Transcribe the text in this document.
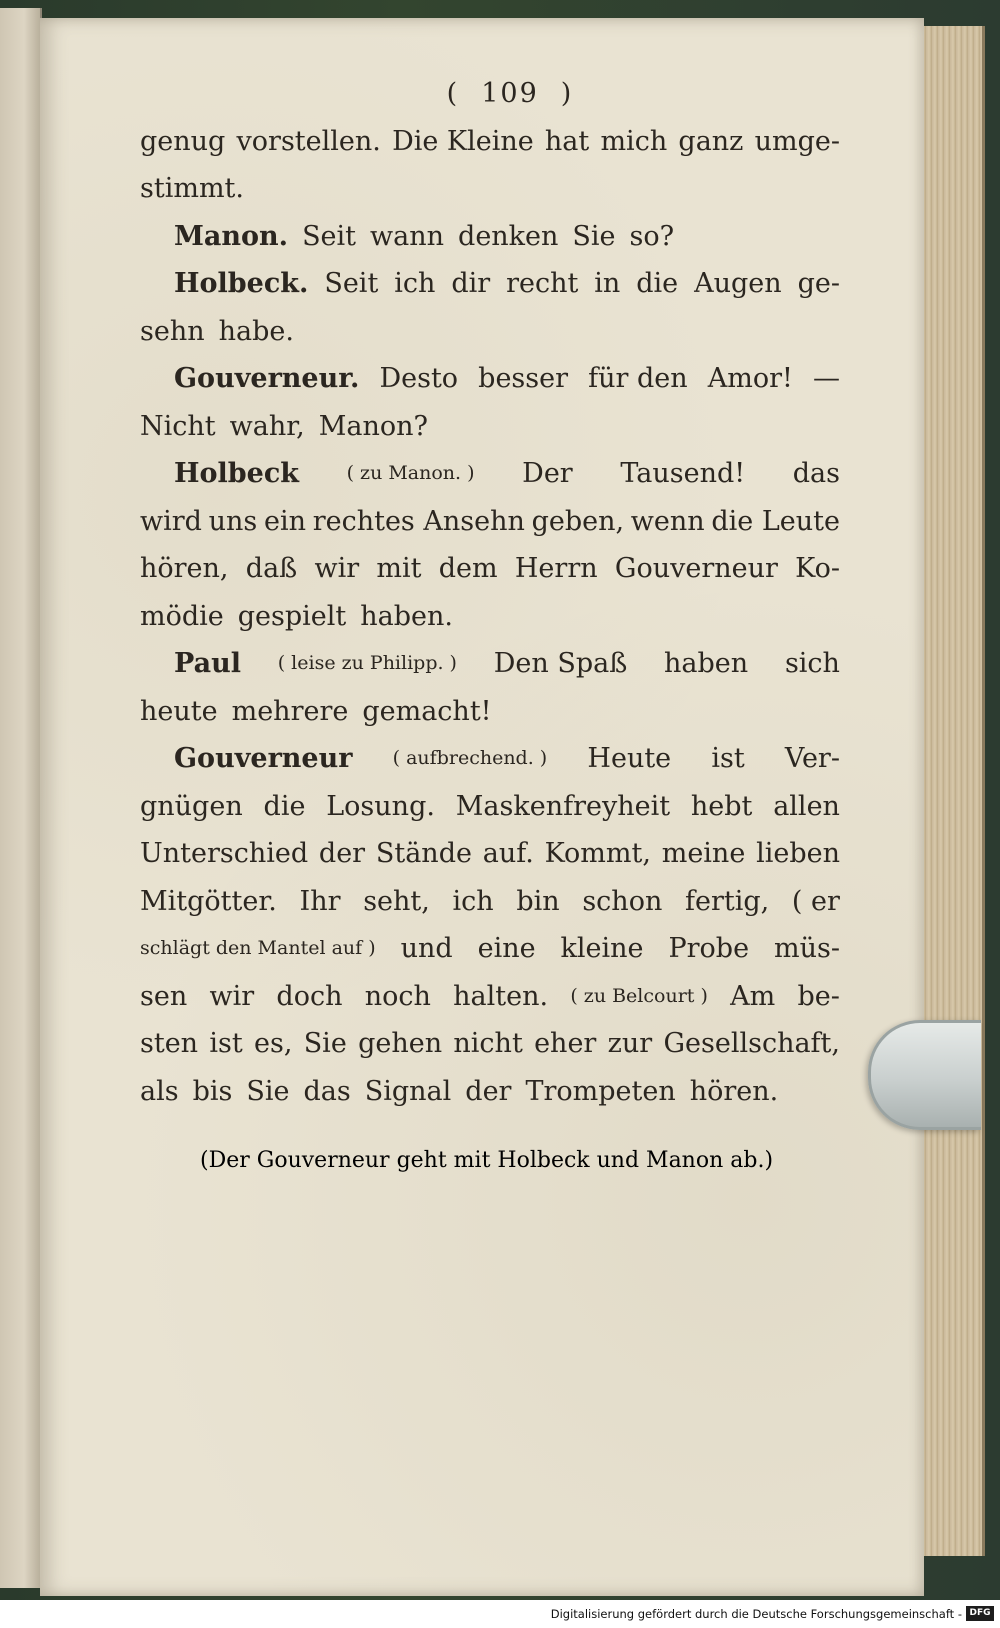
( 109 )
genug vorstellen. Die Kleine hat mich ganz umge-
stimmt.
Manon. Seit wann denken Sie so?
Holbeck. Seit ich dir recht in die Augen ge-
sehn habe.
Gouverneur. Desto besser für den Amor! —
Nicht wahr, Manon?
Holbeck	( zu Manon. ) Der Tausend! das
wird uns ein rechtes Ansehn geben, wenn die Leute
hören, daß wir mit dem Herrn Gouverneur Ko-
mödie gespielt haben.
Paul ( leise zu Philipp. ) Den Spaß haben sich
heute mehrere gemacht!
Gouverneur ( aufbrechend. ) Heute ist Ver-
gnügen die Losung. Maskenfreyheit hebt allen
Unterschied der Stände auf. Kommt, meine lieben
Mitgötter. Ihr seht, ich bin schon fertig, ( er
schlägt den Mantel auf ) und eine kleine Probe müs-
sen wir doch noch halten. ( zu Belcourt ) Am be-
sten ist es, Sie gehen nicht eher zur Gesellschaft,
als bis Sie das Signal der Trompeten hören.
(Der Gouverneur geht mit Holbeck und Manon ab.)
Digitalisierung gefördert durch die Deutsche Forschungsgemeinschaft - DFG
